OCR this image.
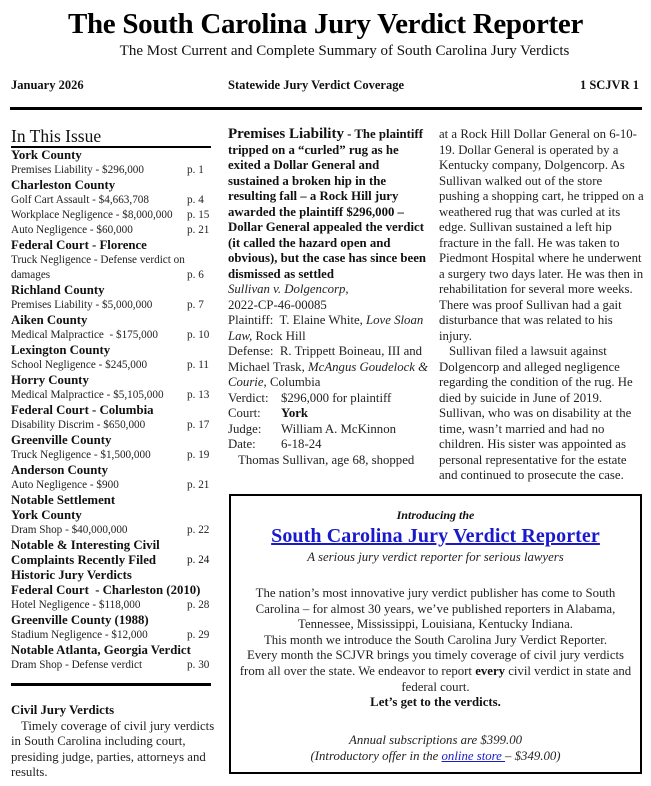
The South Carolina Jury Verdict Reporter
The Most Current and Complete Summary of South Carolina Jury Verdicts
January 2026	Statewide Jury Verdict Coverage	1 SCJVR 1
In This Issue
York County
Premises Liability - $296,000	p. 1
Charleston County
Golf Cart Assault - $4,663,708	p. 4
Workplace Negligence - $8,000,000 p. 15
Auto Negligence - $60,000	p. 21
Federal Court - Florence
Truck Negligence - Defense verdict on
damages	p. 6
Richland County
Premises Liability - $5,000,000	p. 7
Aiken County
Medical Malpractice  - $175,000	p. 10
Lexington County
School Negligence - $245,000	p. 11
Horry County
Medical Malpractice - $5,105,000 p. 13
Federal Court - Columbia
Disability Discrim - $650,000	p. 17
Greenville County
Truck Negligence - $1,500,000	p. 19
Anderson County
Auto Negligence - $900	p. 21
Notable Settlement
York County
Dram Shop - $40,000,000	p. 22
Notable & Interesting Civil
Complaints Recently Filed	p. 24
Historic Jury Verdicts
Federal Court  - Charleston (2010)
Hotel Negligence - $118,000	p. 28
Greenville County (1988)
Stadium Negligence - $12,000	p. 29
Notable Atlanta, Georgia Verdict
Dram Shop - Defense verdict	p. 30
Civil Jury Verdicts
Timely coverage of civil jury verdicts in South Carolina including court, presiding judge, parties, attorneys and results.
Premises Liability - The plaintiff tripped on a “curled” rug as he exited a Dollar General and sustained a broken hip in the resulting fall – a Rock Hill jury awarded the plaintiff $296,000 – Dollar General appealed the verdict (it called the hazard open and obvious), but the case has since been dismissed as settled
Sullivan v. Dolgencorp,
2022-CP-46-00085
Plaintiff: T. Elaine White, Love Sloan Law, Rock Hill
Defense: R. Trippett Boineau, III and Michael Trask, McAngus Goudelock & Courie, Columbia
Verdict: $296,000 for plaintiff
Court:	York
Judge:	William A. McKinnon
Date:	6-18-24
Thomas Sullivan, age 68, shopped
at a Rock Hill Dollar General on 6-10-19. Dollar General is operated by a Kentucky company, Dolgencorp. As Sullivan walked out of the store pushing a shopping cart, he tripped on a weathered rug that was curled at its edge. Sullivan sustained a left hip fracture in the fall. He was taken to Piedmont Hospital where he underwent a surgery two days later. He was then in rehabilitation for several more weeks. There was proof Sullivan had a gait disturbance that was related to his injury.
Sullivan filed a lawsuit against Dolgencorp and alleged negligence regarding the condition of the rug. He died by suicide in June of 2019. Sullivan, who was on disability at the time, wasn’t married and had no children. His sister was appointed as personal representative for the estate and continued to prosecute the case.
Introducing the
South Carolina Jury Verdict Reporter
A serious jury verdict reporter for serious lawyers
The nation’s most innovative jury verdict publisher has come to South Carolina – for almost 30 years, we’ve published reporters in Alabama, Tennessee, Mississippi, Louisiana, Kentucky Indiana.
This month we introduce the South Carolina Jury Verdict Reporter.
Every month the SCJVR brings you timely coverage of civil jury verdicts from all over the state. We endeavor to report every civil verdict in state and federal court.
Let’s get to the verdicts.
Annual subscriptions are $399.00
(Introductory offer in the online store – $349.00)
